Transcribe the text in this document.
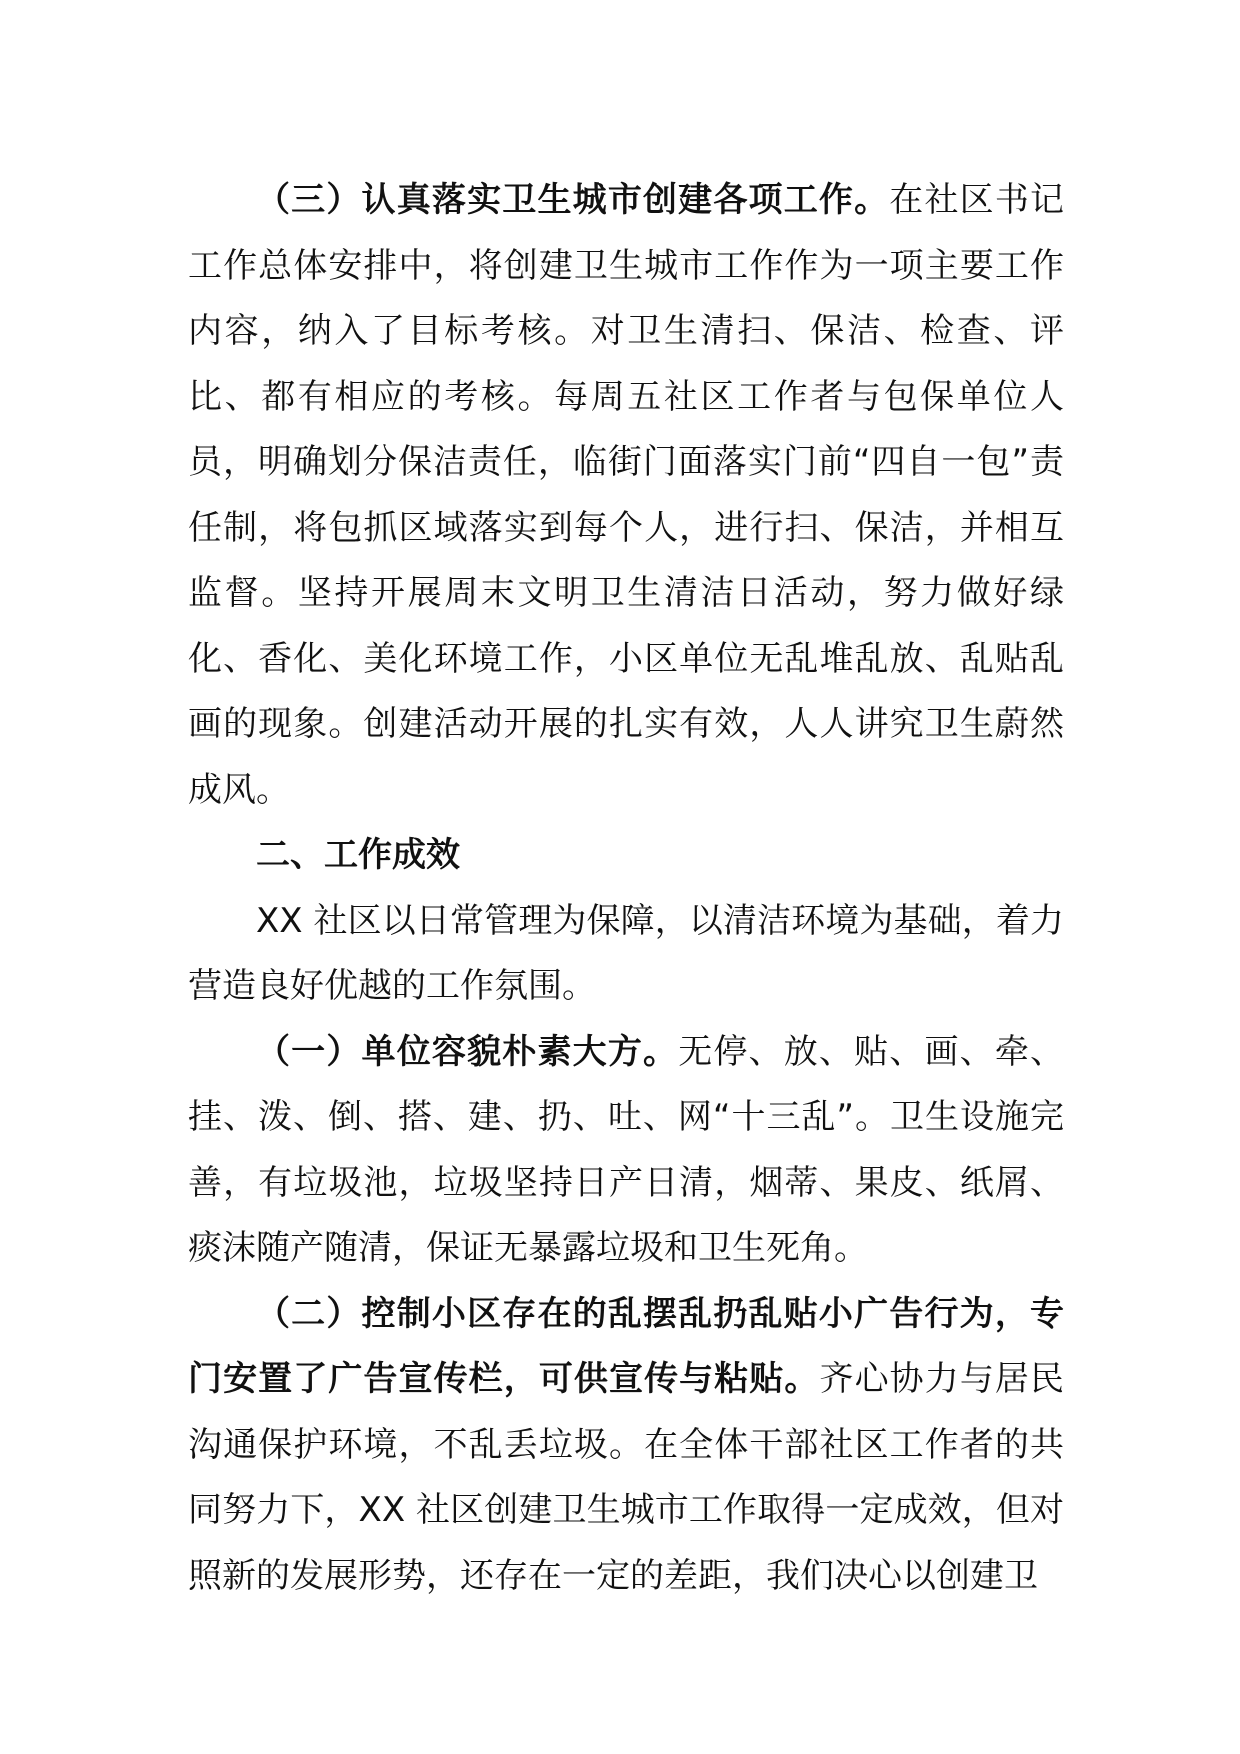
（三）认真落实卫生城市创建各项工作。在社区书记工作总体安排中，将创建卫生城市工作作为一项主要工作内容，纳入了目标考核。对卫生清扫、保洁、检查、评比、都有相应的考核。每周五社区工作者与包保单位人员，明确划分保洁责任，临街门面落实门前“四自一包”责任制，将包抓区域落实到每个人，进行扫、保洁，并相互监督。坚持开展周末文明卫生清洁日活动，努力做好绿化、香化、美化环境工作，小区单位无乱堆乱放、乱贴乱画的现象。创建活动开展的扎实有效，人人讲究卫生蔚然成风。

二、工作成效

XX 社区以日常管理为保障，以清洁环境为基础，着力营造良好优越的工作氛围。

（一）单位容貌朴素大方。无停、放、贴、画、牵、挂、泼、倒、搭、建、扔、吐、网“十三乱”。卫生设施完善，有垃圾池，垃圾坚持日产日清，烟蒂、果皮、纸屑、痰沫随产随清，保证无暴露垃圾和卫生死角。

（二）控制小区存在的乱摆乱扔乱贴小广告行为，专门安置了广告宣传栏，可供宣传与粘贴。齐心协力与居民沟通保护环境，不乱丢垃圾。在全体干部社区工作者的共同努力下，XX 社区创建卫生城市工作取得一定成效，但对照新的发展形势，还存在一定的差距，我们决心以创建卫
